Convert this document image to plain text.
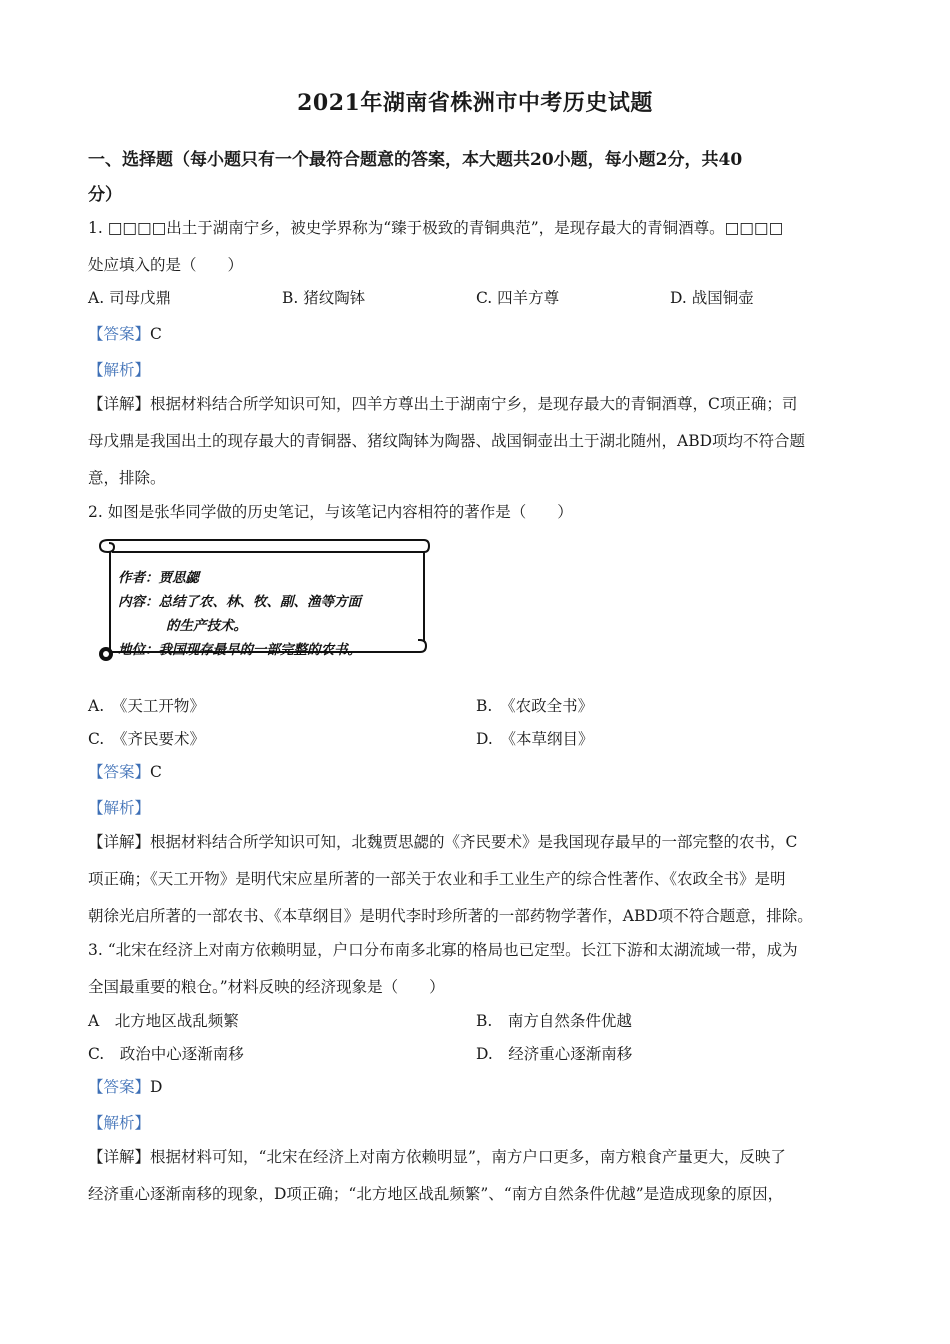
2021年湖南省株洲市中考历史试题
一、选择题（每小题只有一个最符合题意的答案，本大题共20小题，每小题2分，共40
分）
1. □□□□出土于湖南宁乡，被史学界称为“臻于极致的青铜典范”，是现存最大的青铜酒尊。□□□□
处应填入的是（　　）
A. 司母戊鼎	B. 猪纹陶钵	C. 四羊方尊	D. 战国铜壶
【答案】C
【解析】
【详解】根据材料结合所学知识可知，四羊方尊出土于湖南宁乡，是现存最大的青铜酒尊，C项正确；司
母戊鼎是我国出土的现存最大的青铜器、猪纹陶钵为陶器、战国铜壶出土于湖北随州，ABD项均不符合题
意，排除。
2. 如图是张华同学做的历史笔记，与该笔记内容相符的著作是（　　）
作者：贾思勰
内容：总结了农、林、牧、副、渔等方面
的生产技术。
地位：我国现存最早的一部完整的农书。
A.　《天工开物》	B.　《农政全书》
C.　《齐民要术》	D.　《本草纲目》
【答案】C
【解析】
【详解】根据材料结合所学知识可知，北魏贾思勰的《齐民要术》是我国现存最早的一部完整的农书，C
项正确；《天工开物》是明代宋应星所著的一部关于农业和手工业生产的综合性著作、《农政全书》是明
朝徐光启所著的一部农书、《本草纲目》是明代李时珍所著的一部药物学著作，ABD项不符合题意，排除。
3. “北宋在经济上对南方依赖明显，户口分布南多北寡的格局也已定型。长江下游和太湖流域一带，成为
全国最重要的粮仓。”材料反映的经济现象是（　　）
A　北方地区战乱频繁	B.　南方自然条件优越
C.　政治中心逐渐南移	D.　经济重心逐渐南移
【答案】D
【解析】
【详解】根据材料可知，“北宋在经济上对南方依赖明显”，南方户口更多，南方粮食产量更大，反映了
经济重心逐渐南移的现象，D项正确；“北方地区战乱频繁”、“南方自然条件优越”是造成现象的原因，
